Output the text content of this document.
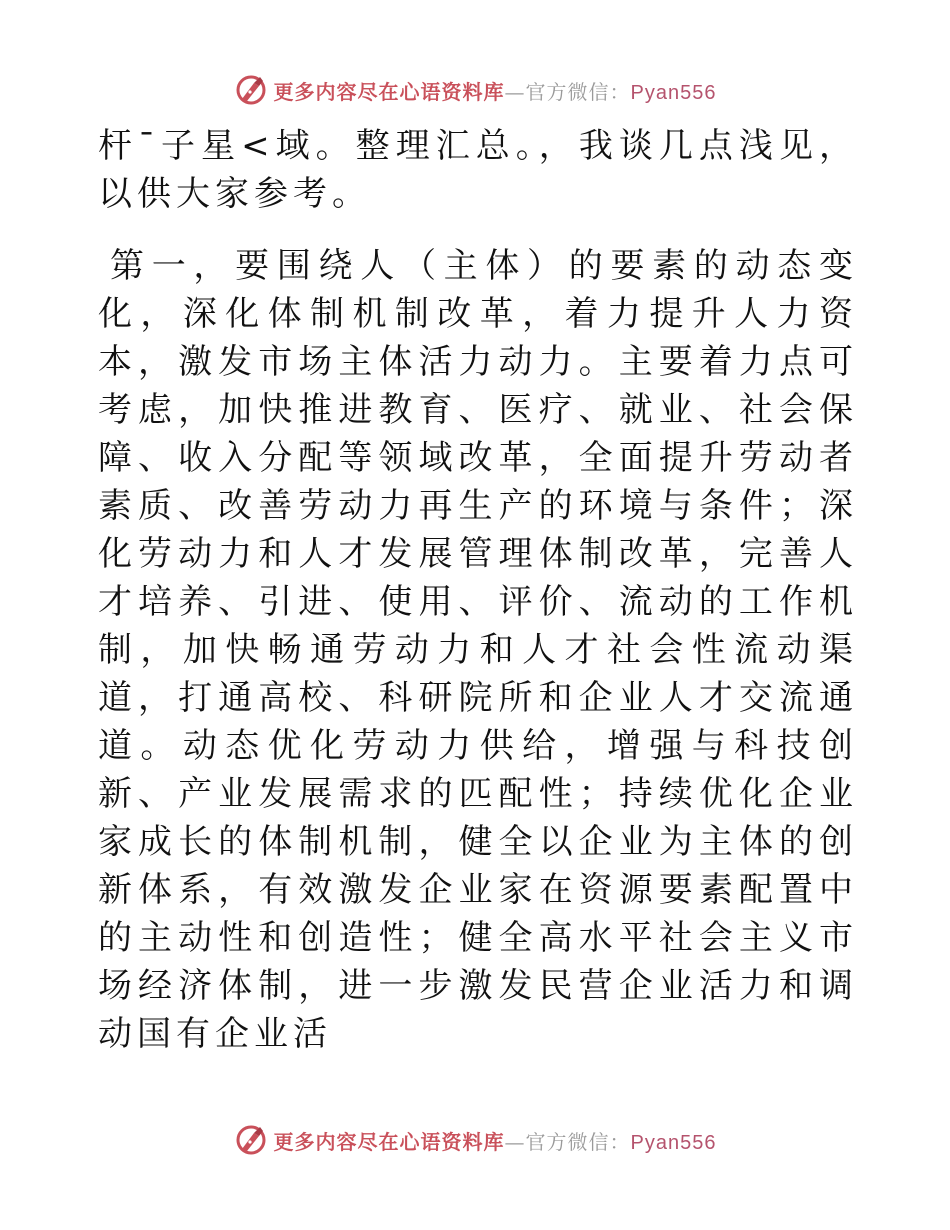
更多内容尽在心语资料库—官方微信：Pyan556

杆¯子星<域。整理汇总。，我谈几点浅见，以供大家参考。

第一，要围绕人（主体）的要素的动态变化，深化体制机制改革，着力提升人力资本，激发市场主体活力动力。主要着力点可考虑，加快推进教育、医疗、就业、社会保障、收入分配等领域改革，全面提升劳动者素质、改善劳动力再生产的环境与条件；深化劳动力和人才发展管理体制改革，完善人才培养、引进、使用、评价、流动的工作机制，加快畅通劳动力和人才社会性流动渠道，打通高校、科研院所和企业人才交流通道。动态优化劳动力供给，增强与科技创新、产业发展需求的匹配性；持续优化企业家成长的体制机制，健全以企业为主体的创新体系，有效激发企业家在资源要素配置中的主动性和创造性；健全高水平社会主义市场经济体制，进一步激发民营企业活力和调动国有企业活

更多内容尽在心语资料库—官方微信：Pyan556
